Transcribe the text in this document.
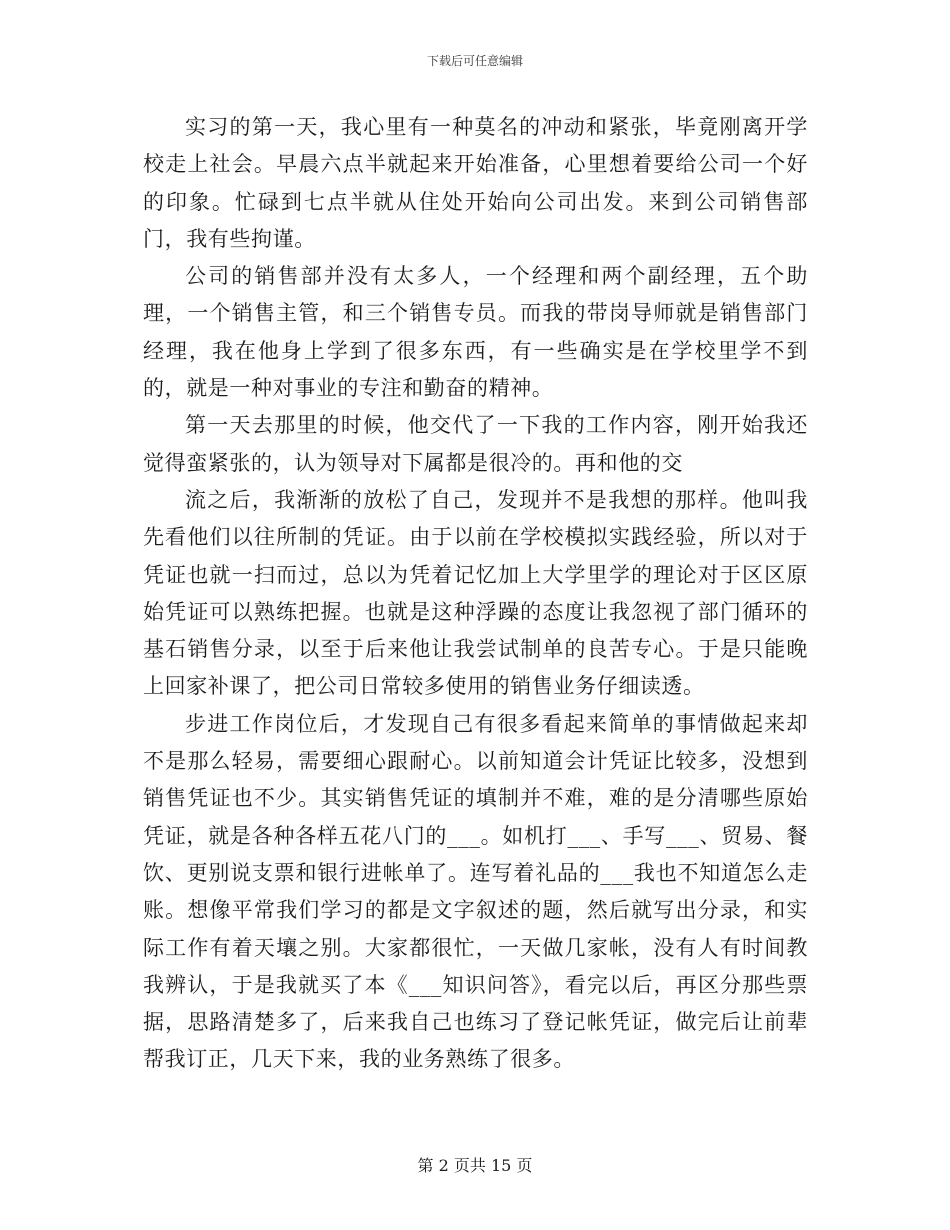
下载后可任意编辑

实习的第一天，我心里有一种莫名的冲动和紧张，毕竟刚离开学校走上社会。早晨六点半就起来开始准备，心里想着要给公司一个好的印象。忙碌到七点半就从住处开始向公司出发。来到公司销售部门，我有些拘谨。

公司的销售部并没有太多人，一个经理和两个副经理，五个助理，一个销售主管，和三个销售专员。而我的带岗导师就是销售部门经理，我在他身上学到了很多东西，有一些确实是在学校里学不到的，就是一种对事业的专注和勤奋的精神。

第一天去那里的时候，他交代了一下我的工作内容，刚开始我还觉得蛮紧张的，认为领导对下属都是很冷的。再和他的交

流之后，我渐渐的放松了自己，发现并不是我想的那样。他叫我先看他们以往所制的凭证。由于以前在学校模拟实践经验，所以对于凭证也就一扫而过，总以为凭着记忆加上大学里学的理论对于区区原始凭证可以熟练把握。也就是这种浮躁的态度让我忽视了部门循环的基石销售分录，以至于后来他让我尝试制单的良苦专心。于是只能晚上回家补课了，把公司日常较多使用的销售业务仔细读透。

步进工作岗位后，才发现自己有很多看起来简单的事情做起来却不是那么轻易，需要细心跟耐心。以前知道会计凭证比较多，没想到销售凭证也不少。其实销售凭证的填制并不难，难的是分清哪些原始凭证，就是各种各样五花八门的___。如机打___、手写___、贸易、餐饮、更别说支票和银行进帐单了。连写着礼品的___我也不知道怎么走账。想像平常我们学习的都是文字叙述的题，然后就写出分录，和实际工作有着天壤之别。大家都很忙，一天做几家帐，没有人有时间教我辨认，于是我就买了本《___知识问答》，看完以后，再区分那些票据，思路清楚多了，后来我自己也练习了登记帐凭证，做完后让前辈帮我订正，几天下来，我的业务熟练了很多。

第 2 页共 15 页
